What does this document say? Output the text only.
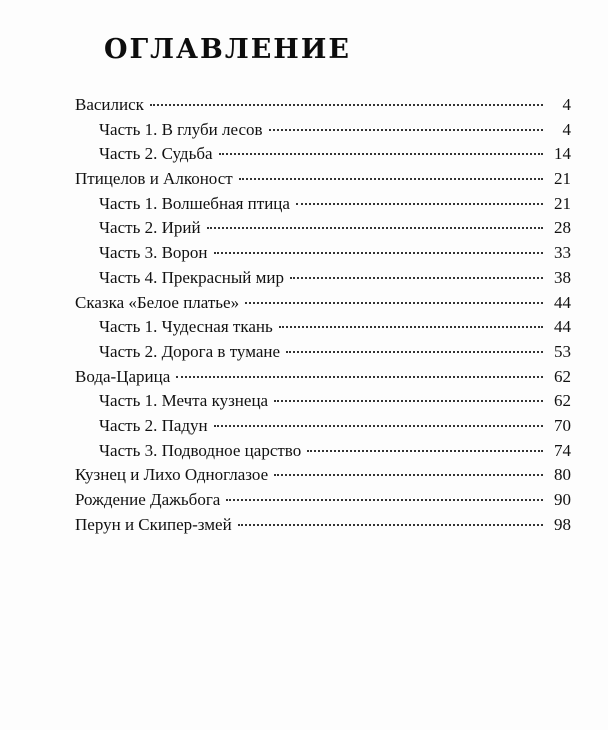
ОГЛАВЛЕНИЕ
Василиск	4
Часть 1. В глуби лесов	4
Часть 2. Судьба	14
Птицелов и Алконост	21
Часть 1. Волшебная птица	21
Часть 2. Ирий	28
Часть 3. Ворон	33
Часть 4. Прекрасный мир	38
Сказка «Белое платье»	44
Часть 1. Чудесная ткань	44
Часть 2. Дорога в тумане	53
Вода-Царица	62
Часть 1. Мечта кузнеца	62
Часть 2. Падун	70
Часть 3. Подводное царство	74
Кузнец и Лихо Одноглазое	80
Рождение Дажьбога	90
Перун и Скипер-змей	98
